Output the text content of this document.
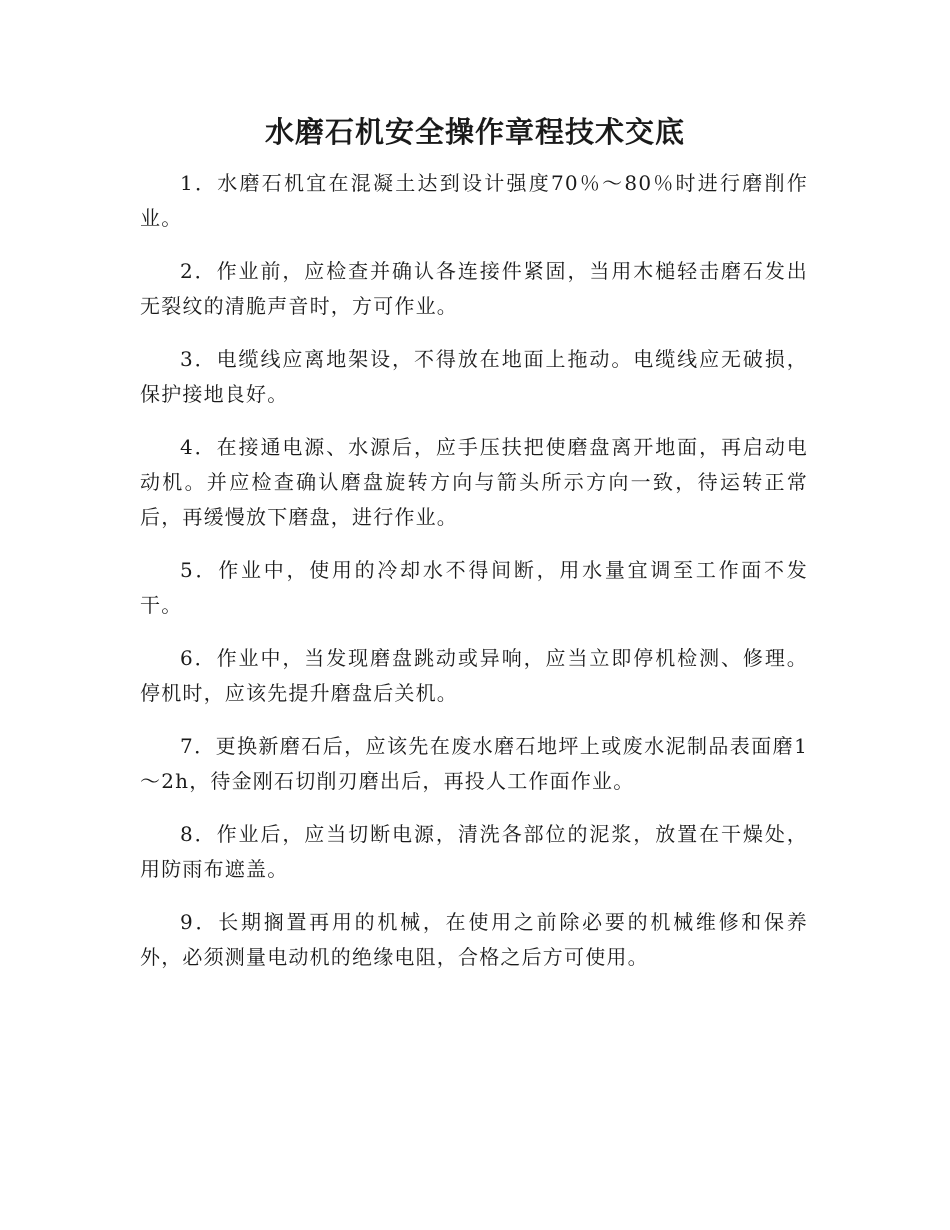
水磨石机安全操作章程技术交底

1．水磨石机宜在混凝土达到设计强度70％～80％时进行磨削作业。

2．作业前，应检查并确认各连接件紧固，当用木槌轻击磨石发出无裂纹的清脆声音时，方可作业。

3．电缆线应离地架设，不得放在地面上拖动。电缆线应无破损，保护接地良好。

4．在接通电源、水源后，应手压扶把使磨盘离开地面，再启动电动机。并应检查确认磨盘旋转方向与箭头所示方向一致，待运转正常后，再缓慢放下磨盘，进行作业。

5．作业中，使用的冷却水不得间断，用水量宜调至工作面不发干。

6．作业中，当发现磨盘跳动或异响，应当立即停机检测、修理。停机时，应该先提升磨盘后关机。

7．更换新磨石后，应该先在废水磨石地坪上或废水泥制品表面磨1～2h，待金刚石切削刃磨出后，再投人工作面作业。

8．作业后，应当切断电源，清洗各部位的泥浆，放置在干燥处，用防雨布遮盖。

9．长期搁置再用的机械，在使用之前除必要的机械维修和保养外，必须测量电动机的绝缘电阻，合格之后方可使用。
